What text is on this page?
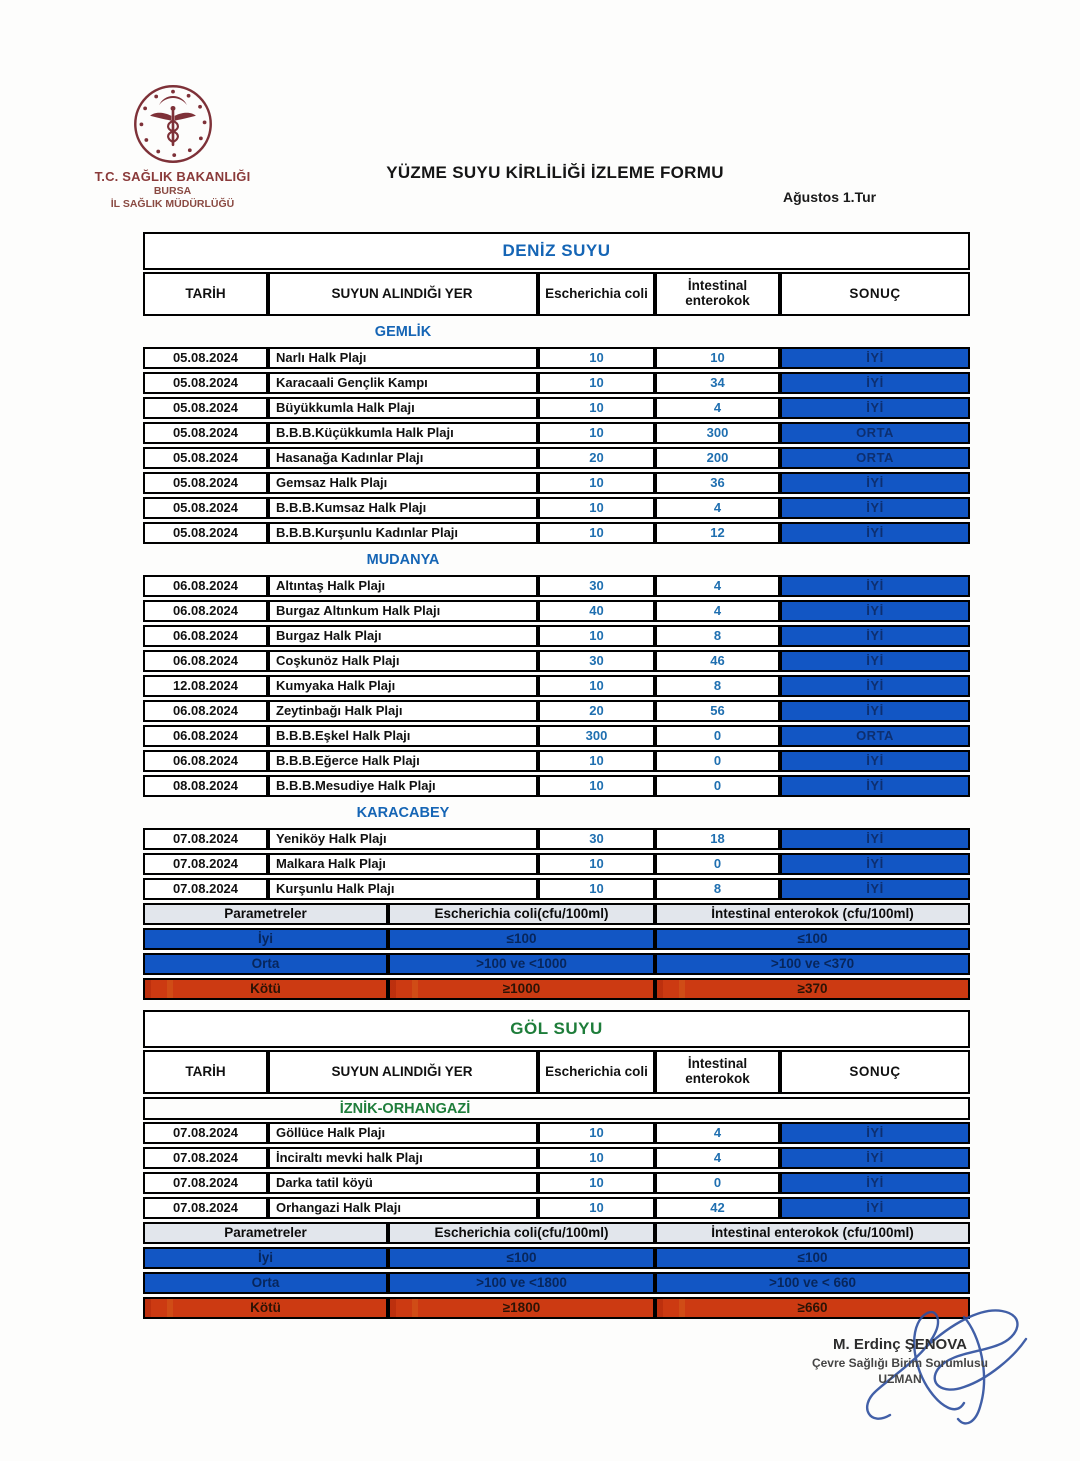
T.C. SAĞLIK BAKANLIĞI
BURSA
İL SAĞLIK MÜDÜRLÜĞÜ
YÜZME SUYU KİRLİLİĞİ İZLEME FORMU
Ağustos 1.Tur
DENİZ SUYU
TARİH	SUYUN ALINDIĞI YER	Escherichia coli	İntestinal enterokok	SONUÇ
GEMLİK
05.08.2024	Narlı Halk Plajı	10	10	İYİ
05.08.2024	Karacaali Gençlik Kampı	10	34	İYİ
05.08.2024	Büyükkumla Halk Plajı	10	4	İYİ
05.08.2024	B.B.B.Küçükkumla Halk Plajı	10	300	ORTA
05.08.2024	Hasanağa Kadınlar Plajı	20	200	ORTA
05.08.2024	Gemsaz Halk Plajı	10	36	İYİ
05.08.2024	B.B.B.Kumsaz Halk Plajı	10	4	İYİ
05.08.2024	B.B.B.Kurşunlu Kadınlar Plajı	10	12	İYİ
MUDANYA
06.08.2024	Altıntaş Halk Plajı	30	4	İYİ
06.08.2024	Burgaz Altınkum Halk Plajı	40	4	İYİ
06.08.2024	Burgaz Halk Plajı	10	8	İYİ
06.08.2024	Coşkunöz Halk Plajı	30	46	İYİ
12.08.2024	Kumyaka Halk Plajı	10	8	İYİ
06.08.2024	Zeytinbağı Halk Plajı	20	56	İYİ
06.08.2024	B.B.B.Eşkel Halk Plajı	300	0	ORTA
06.08.2024	B.B.B.Eğerce Halk Plajı	10	0	İYİ
08.08.2024	B.B.B.Mesudiye Halk Plajı	10	0	İYİ
KARACABEY
07.08.2024	Yeniköy Halk Plajı	30	18	İYİ
07.08.2024	Malkara Halk Plajı	10	0	İYİ
07.08.2024	Kurşunlu Halk Plajı	10	8	İYİ
Parametreler	Escherichia coli(cfu/100ml)	İntestinal enterokok (cfu/100ml)
İyi	≤100	≤100
Orta	>100 ve <1000	>100 ve <370
Kötü	≥1000	≥370
GÖL SUYU
TARİH	SUYUN ALINDIĞI YER	Escherichia coli	İntestinal enterokok	SONUÇ
İZNİK-ORHANGAZİ
07.08.2024	Göllüce Halk Plajı	10	4	İYİ
07.08.2024	İnciraltı mevki halk Plajı	10	4	İYİ
07.08.2024	Darka tatil köyü	10	0	İYİ
07.08.2024	Orhangazi Halk Plajı	10	42	İYİ
Parametreler	Escherichia coli(cfu/100ml)	İntestinal enterokok (cfu/100ml)
İyi	≤100	≤100
Orta	>100 ve <1800	>100 ve < 660
Kötü	≥1800	≥660
M. Erdinç ŞENOVA
Çevre Sağlığı Birim Sorumlusu
UZMAN
